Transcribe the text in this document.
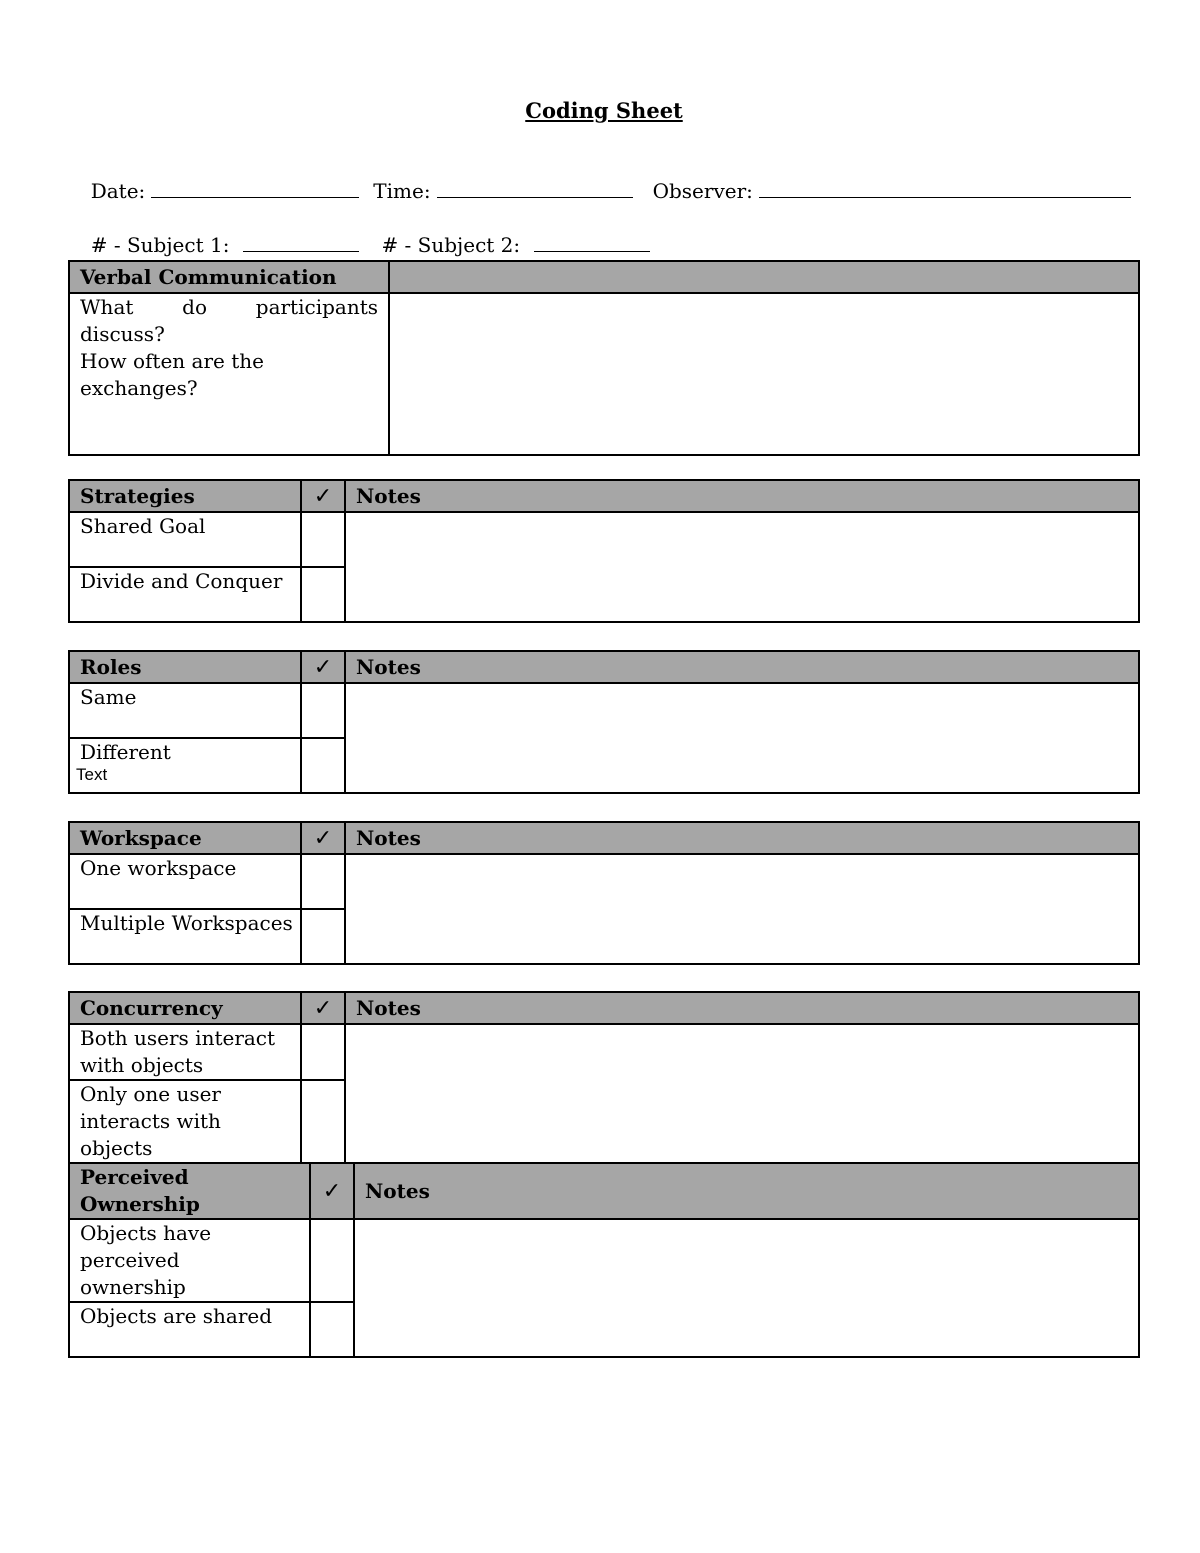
Coding Sheet

Date:	Time:	Observer:

# - Subject 1:	# - Subject 2:

Verbal Communication	

What do participants discuss?
How often are the exchanges?	

Strategies	✓	Notes
Shared Goal		
Divide and Conquer		
Roles	✓	Notes
Same		

Different
Text		

Workspace	✓	Notes
One workspace		
Multiple Workspaces		
Concurrency	✓	Notes
Both users interact with objects		
Only one user interacts with objects		
Perceived Ownership	✓	Notes
Objects have perceived ownership		
Objects are shared		
